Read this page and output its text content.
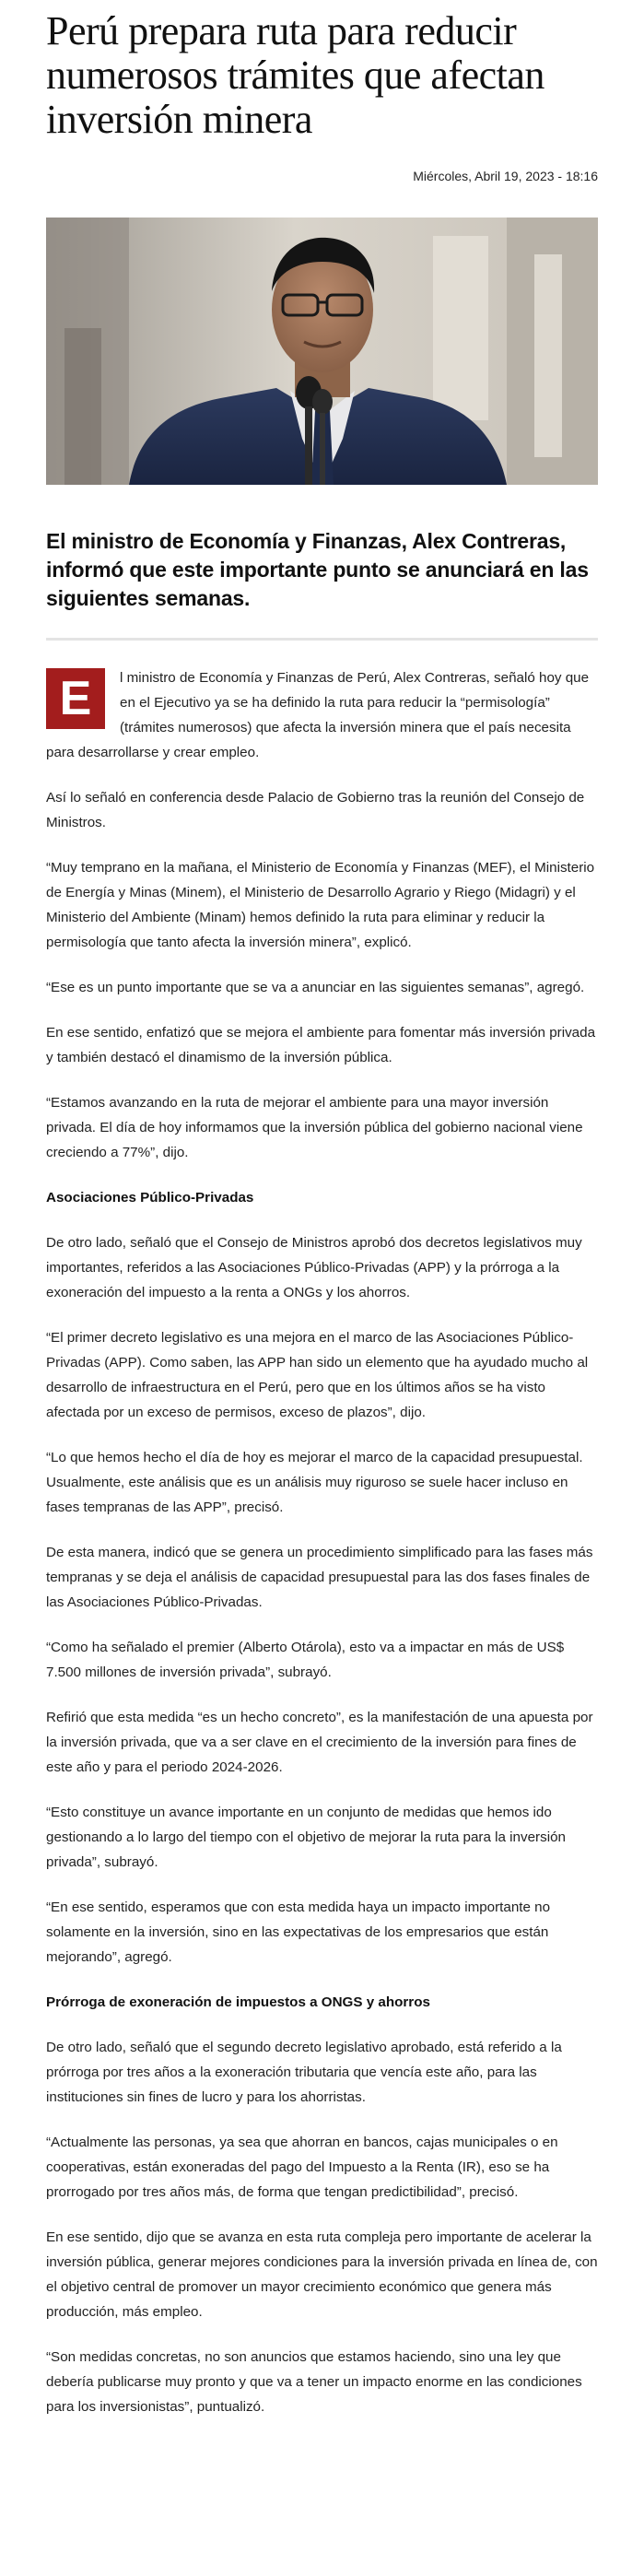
Perú prepara ruta para reducir numerosos trámites que afectan inversión minera
Miércoles, Abril 19, 2023 - 18:16

El ministro de Economía y Finanzas, Alex Contreras, informó que este importante punto se anunciará en las siguientes semanas.

E	l ministro de Economía y Finanzas de Perú, Alex Contreras, señaló hoy que en el Ejecutivo ya se ha definido la ruta para reducir la “permisología” (trámites numerosos) que afecta la inversión minera que el país necesita para desarrollarse y crear empleo.

Así lo señaló en conferencia desde Palacio de Gobierno tras la reunión del Consejo de Ministros.

“Muy temprano en la mañana, el Ministerio de Economía y Finanzas (MEF), el Ministerio de Energía y Minas (Minem), el Ministerio de Desarrollo Agrario y Riego (Midagri) y el Ministerio del Ambiente (Minam) hemos definido la ruta para eliminar y reducir la permisología que tanto afecta la inversión minera”, explicó.

“Ese es un punto importante que se va a anunciar en las siguientes semanas”, agregó.

En ese sentido, enfatizó que se mejora el ambiente para fomentar más inversión privada y también destacó el dinamismo de la inversión pública.

“Estamos avanzando en la ruta de mejorar el ambiente para una mayor inversión privada. El día de hoy informamos que la inversión pública del gobierno nacional viene creciendo a 77%”, dijo.

Asociaciones Público-Privadas

De otro lado, señaló que el Consejo de Ministros aprobó dos decretos legislativos muy importantes, referidos a las Asociaciones Público-Privadas (APP) y la prórroga a la exoneración del impuesto a la renta a ONGs y los ahorros.

“El primer decreto legislativo es una mejora en el marco de las Asociaciones Público-Privadas (APP). Como saben, las APP han sido un elemento que ha ayudado mucho al desarrollo de infraestructura en el Perú, pero que en los últimos años se ha visto afectada por un exceso de permisos, exceso de plazos”, dijo.

“Lo que hemos hecho el día de hoy es mejorar el marco de la capacidad presupuestal. Usualmente, este análisis que es un análisis muy riguroso se suele hacer incluso en fases tempranas de las APP”, precisó.

De esta manera, indicó que se genera un procedimiento simplificado para las fases más tempranas y se deja el análisis de capacidad presupuestal para las dos fases finales de las Asociaciones Público-Privadas.

“Como ha señalado el premier (Alberto Otárola), esto va a impactar en más de US$ 7.500 millones de inversión privada”, subrayó.

Refirió que esta medida “es un hecho concreto”, es la manifestación de una apuesta por la inversión privada, que va a ser clave en el crecimiento de la inversión para fines de este año y para el periodo 2024-2026.

“Esto constituye un avance importante en un conjunto de medidas que hemos ido gestionando a lo largo del tiempo con el objetivo de mejorar la ruta para la inversión privada”, subrayó.

“En ese sentido, esperamos que con esta medida haya un impacto importante no solamente en la inversión, sino en las expectativas de los empresarios que están mejorando”, agregó.

Prórroga de exoneración de impuestos a ONGS y ahorros

De otro lado, señaló que el segundo decreto legislativo aprobado, está referido a la prórroga por tres años a la exoneración tributaria que vencía este año, para las instituciones sin fines de lucro y para los ahorristas.

“Actualmente las personas, ya sea que ahorran en bancos, cajas municipales o en cooperativas, están exoneradas del pago del Impuesto a la Renta (IR), eso se ha prorrogado por tres años más, de forma que tengan predictibilidad”, precisó.

En ese sentido, dijo que se avanza en esta ruta compleja pero importante de acelerar la inversión pública, generar mejores condiciones para la inversión privada en línea de, con el objetivo central de promover un mayor crecimiento económico que genera más producción, más empleo.

“Son medidas concretas, no son anuncios que estamos haciendo, sino una ley que debería publicarse muy pronto y que va a tener un impacto enorme en las condiciones para los inversionistas”, puntualizó.
